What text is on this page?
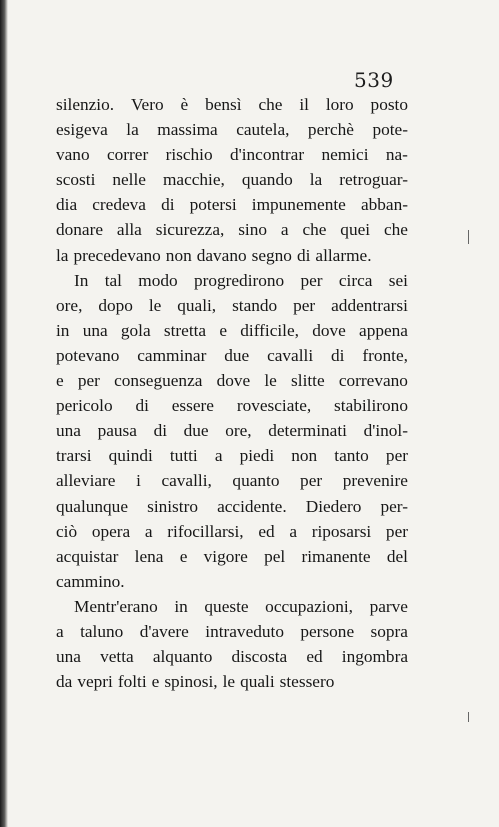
539
silenzio. Vero è bensì che il loro posto
esigeva la massima cautela, perchè pote-
vano correr rischio d'incontrar nemici na-
scosti nelle macchie, quando la retroguar-
dia credeva di potersi impunemente abban-
donare alla sicurezza, sino a che quei che
la precedevano non davano segno di allarme.
In tal modo progredirono per circa sei
ore, dopo le quali, stando per addentrarsi
in una gola stretta e difficile, dove appena
potevano camminar due cavalli di fronte,
e per conseguenza dove le slitte correvano
pericolo di essere rovesciate, stabilirono
una pausa di due ore, determinati d'inol-
trarsi quindi tutti a piedi non tanto per
alleviare i cavalli, quanto per prevenire
qualunque sinistro accidente. Diedero per-
ciò opera a rifocillarsi, ed a riposarsi per
acquistar lena e vigore pel rimanente del
cammino.
Mentr'erano in queste occupazioni, parve
a taluno d'avere intraveduto persone sopra
una vetta alquanto discosta ed ingombra
da vepri folti e spinosi, le quali stessero
